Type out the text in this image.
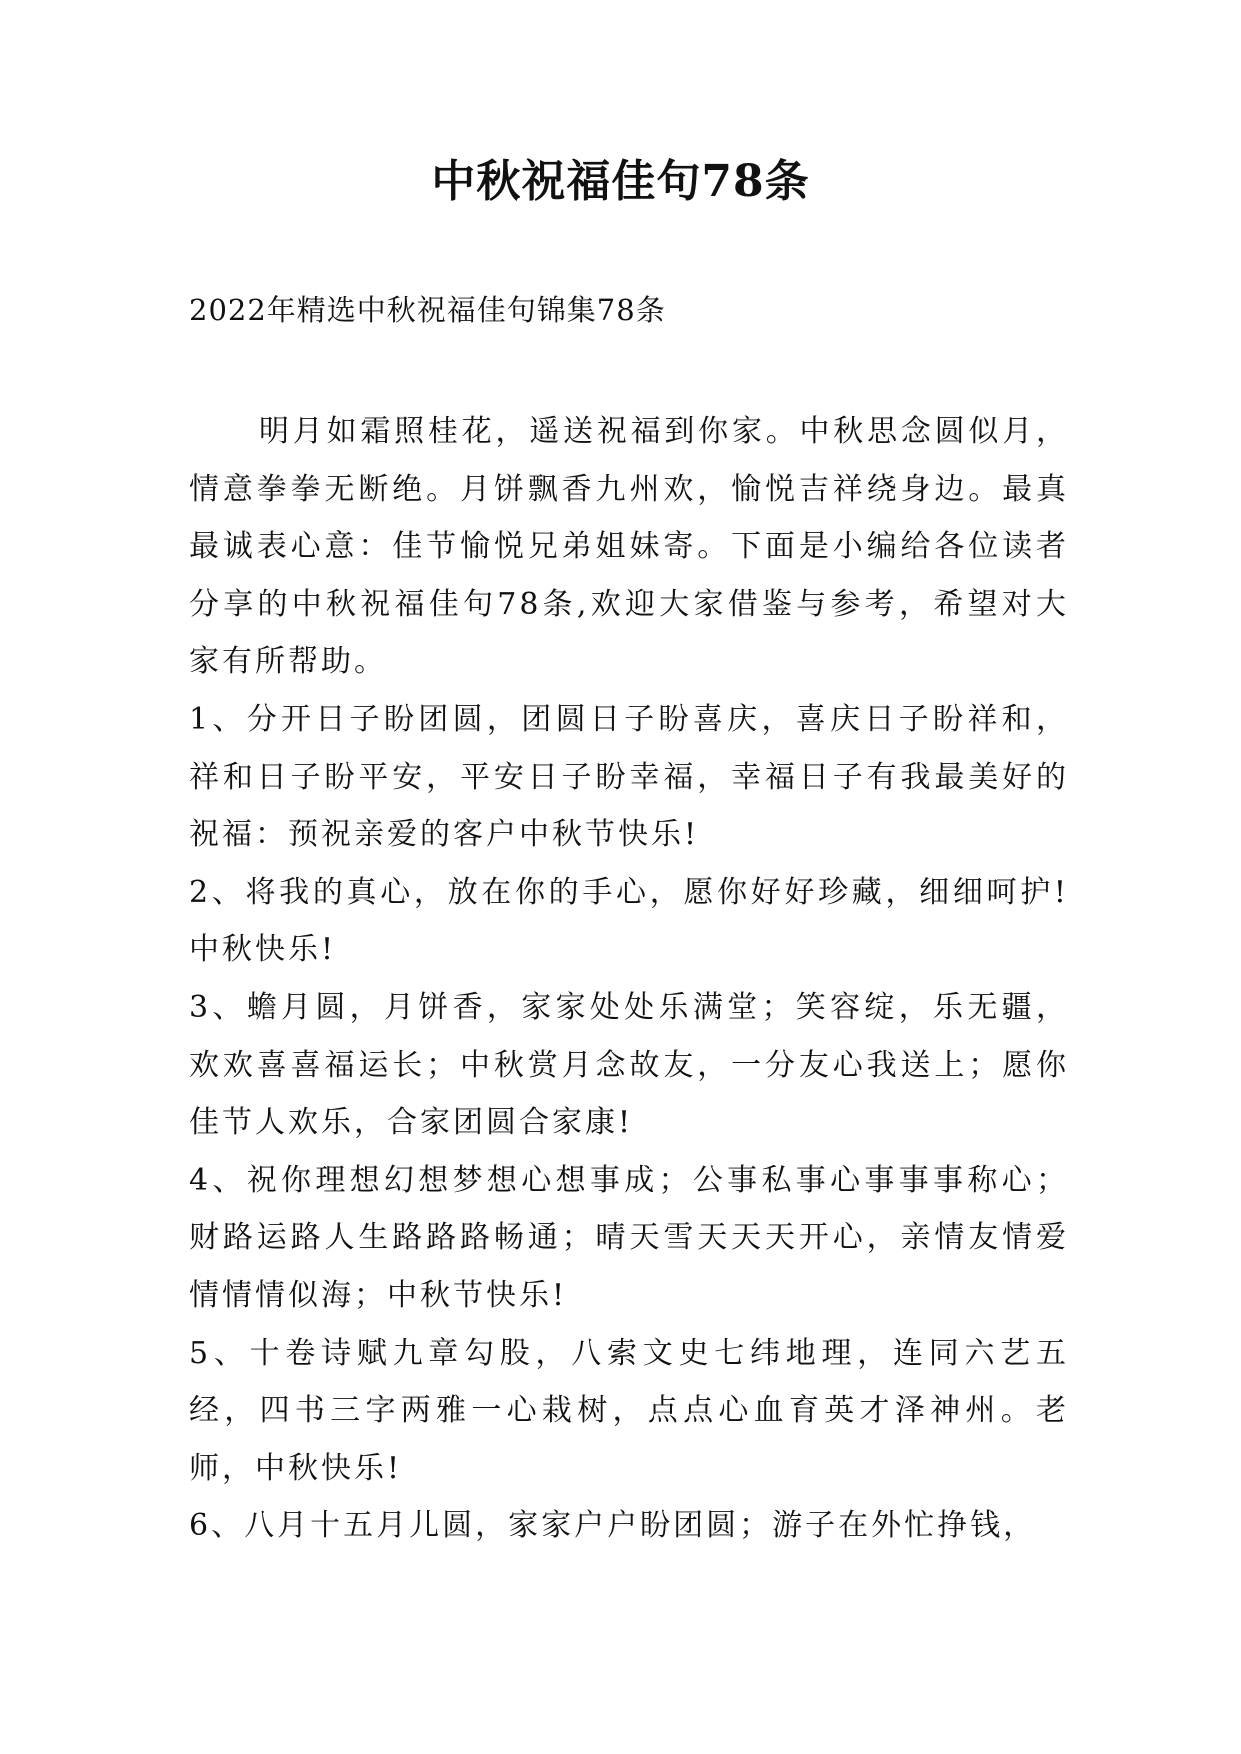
中秋祝福佳句78条
2022年精选中秋祝福佳句锦集78条

明月如霜照桂花，遥送祝福到你家。中秋思念圆似月，情意拳拳无断绝。月饼飘香九州欢，愉悦吉祥绕身边。最真最诚表心意：佳节愉悦兄弟姐妹寄。下面是小编给各位读者分享的中秋祝福佳句78条,欢迎大家借鉴与参考，希望对大家有所帮助。

1、分开日子盼团圆，团圆日子盼喜庆，喜庆日子盼祥和，祥和日子盼平安，平安日子盼幸福，幸福日子有我最美好的祝福：预祝亲爱的客户中秋节快乐!

2、将我的真心，放在你的手心，愿你好好珍藏，细细呵护!中秋快乐!

3、蟾月圆，月饼香，家家处处乐满堂；笑容绽，乐无疆，欢欢喜喜福运长；中秋赏月念故友，一分友心我送上；愿你佳节人欢乐，合家团圆合家康!

4、祝你理想幻想梦想心想事成；公事私事心事事事称心；财路运路人生路路路畅通；晴天雪天天天开心，亲情友情爱情情情似海；中秋节快乐!

5、十卷诗赋九章勾股，八索文史七纬地理，连同六艺五经，四书三字两雅一心栽树，点点心血育英才泽神州。老师，中秋快乐!

6、八月十五月儿圆，家家户户盼团圆；游子在外忙挣钱，
